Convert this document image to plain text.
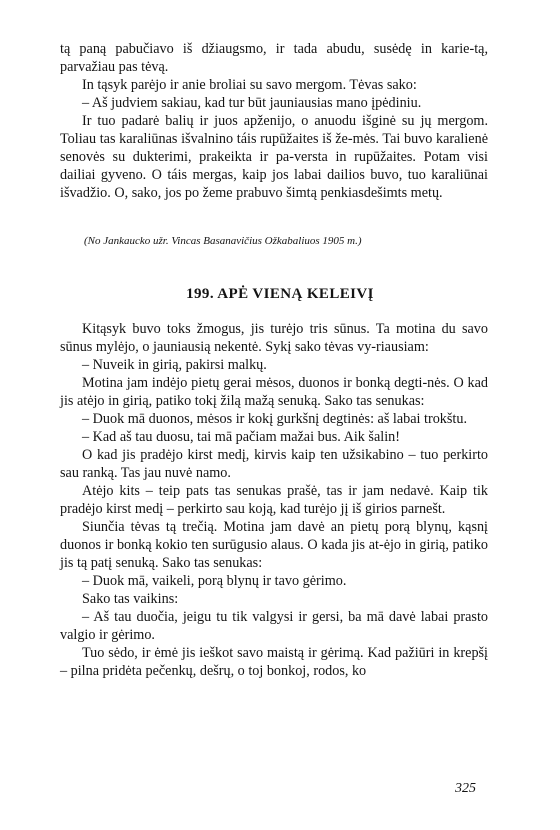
tą paną pabučiavo iš džiaugsmo, ir tada abudu, susėdę in karie-tą, parvažiau pas tėvą.

In tąsyk parėjo ir anie broliai su savo mergom. Tėvas sako:

– Aš judviem sakiau, kad tur būt jauniausias mano įpėdiniu.

Ir tuo padarė balių ir juos apženijo, o anuodu išginė su jų mergom. Toliau tas karaliūnas išvalnino táis rupūžaites iš že-mės. Tai buvo karalienė senovės su dukterimi, prakeikta ir pa-versta in rupūžaites. Potam visi dailiai gyveno. O táis mergas, kaip jos labai dailios buvo, tuo karaliūnai išvadžio. O, sako, jos po žeme prabuvo šimtą penkiasdešimts metų.

(No Jankaucko užr. Vincas Basanavičius Ožkabaliuos 1905 m.)
199. APĖ VIENĄ KELEIVĮ

Kitąsyk buvo toks žmogus, jis turėjo tris sūnus. Ta motina du savo sūnus mylėjo, o jauniausią nekentė. Sykį sako tėvas vy-riausiam:

– Nuveik in girią, pakirsi malkų.

Motina jam indėjo pietų gerai mėsos, duonos ir bonką degti-nės. O kad jis atėjo in girią, patiko tokį žilą mažą senuką. Sako tas senukas:

– Duok mā duonos, mėsos ir kokį gurkšnį degtinės: aš labai trokštu.

– Kad aš tau duosu, tai mā pačiam mažai bus. Aik šalin!

O kad jis pradėjo kirst medį, kirvis kaip ten užsikabino – tuo perkirto sau ranką. Tas jau nuvė namo.

Atėjo kits – teip pats tas senukas prašė, tas ir jam nedavė. Kaip tik pradėjo kirst medį – perkirto sau koją, kad turėjo jį iš girios parnešt.

Siunčia tėvas tą trečią. Motina jam davė an pietų porą blynų, kąsnį duonos ir bonką kokio ten surūgusio alaus. O kada jis at-ėjo in girią, patiko jis tą patį senuką. Sako tas senukas:

– Duok mā, vaikeli, porą blynų ir tavo gėrimo.

Sako tas vaikins:

– Aš tau duočia, jeigu tu tik valgysi ir gersi, ba mā davė labai prasto valgio ir gėrimo.

Tuo sėdo, ir ėmė jis ieškot savo maistą ir gėrimą. Kad pažiūri in krepšį – pilna pridėta pečenkų, dešrų, o toj bonkoj, rodos, ko

325
